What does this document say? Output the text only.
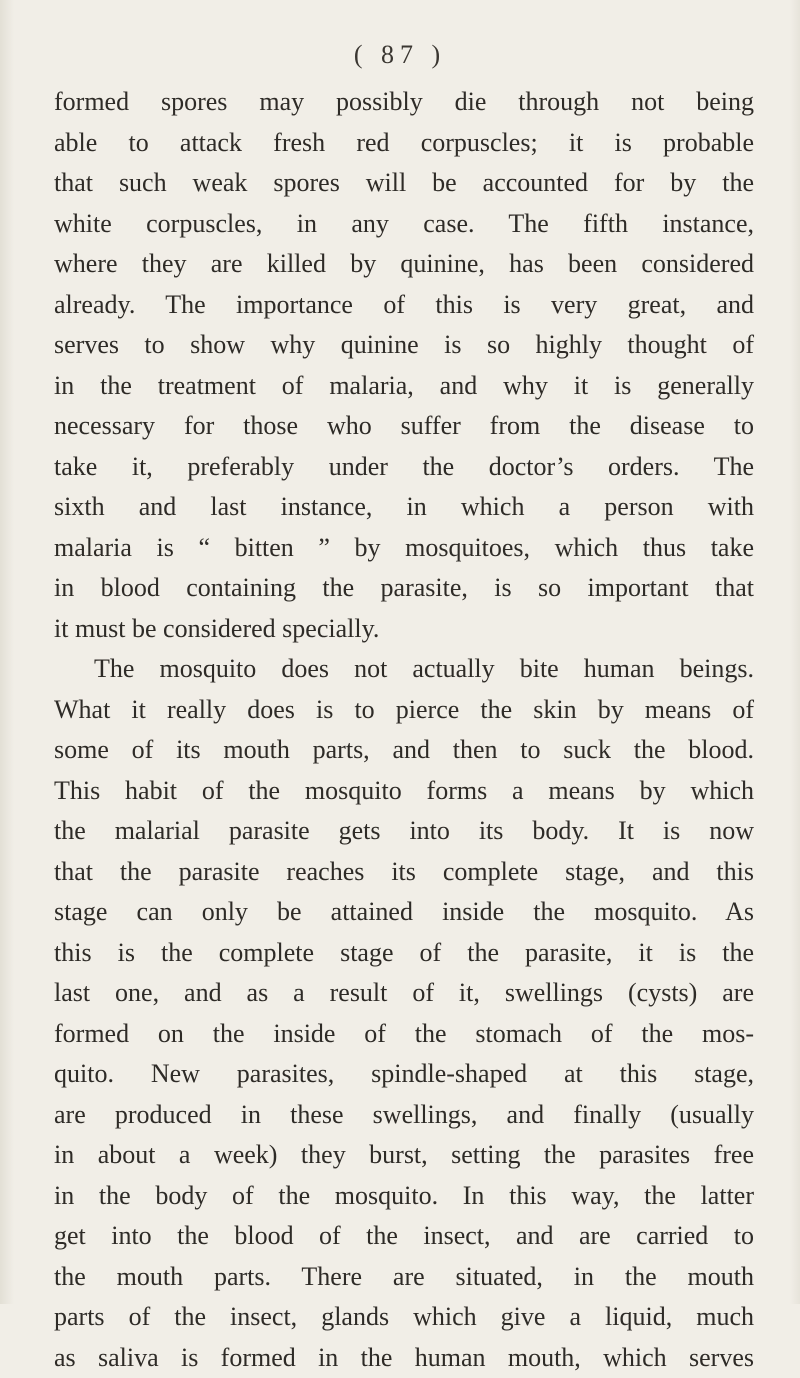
( 87 )
formed spores may possibly die through not being
able to attack fresh red corpuscles; it is probable
that such weak spores will be accounted for by the
white corpuscles, in any case. The fifth instance,
where they are killed by quinine, has been considered
already. The importance of this is very great, and
serves to show why quinine is so highly thought of
in the treatment of malaria, and why it is generally
necessary for those who suffer from the disease to
take it, preferably under the doctor’s orders. The
sixth and last instance, in which a person with
malaria is “ bitten ” by mosquitoes, which thus take
in blood containing the parasite, is so important that
it must be considered specially.
The mosquito does not actually bite human beings.
What it really does is to pierce the skin by means of
some of its mouth parts, and then to suck the blood.
This habit of the mosquito forms a means by which
the malarial parasite gets into its body. It is now
that the parasite reaches its complete stage, and this
stage can only be attained inside the mosquito. As
this is the complete stage of the parasite, it is the
last one, and as a result of it, swellings (cysts) are
formed on the inside of the stomach of the mos-
quito. New parasites, spindle-shaped at this stage,
are produced in these swellings, and finally (usually
in about a week) they burst, setting the parasites free
in the body of the mosquito. In this way, the latter
get into the blood of the insect, and are carried to
the mouth parts. There are situated, in the mouth
parts of the insect, glands which give a liquid, much
as saliva is formed in the human mouth, which serves
